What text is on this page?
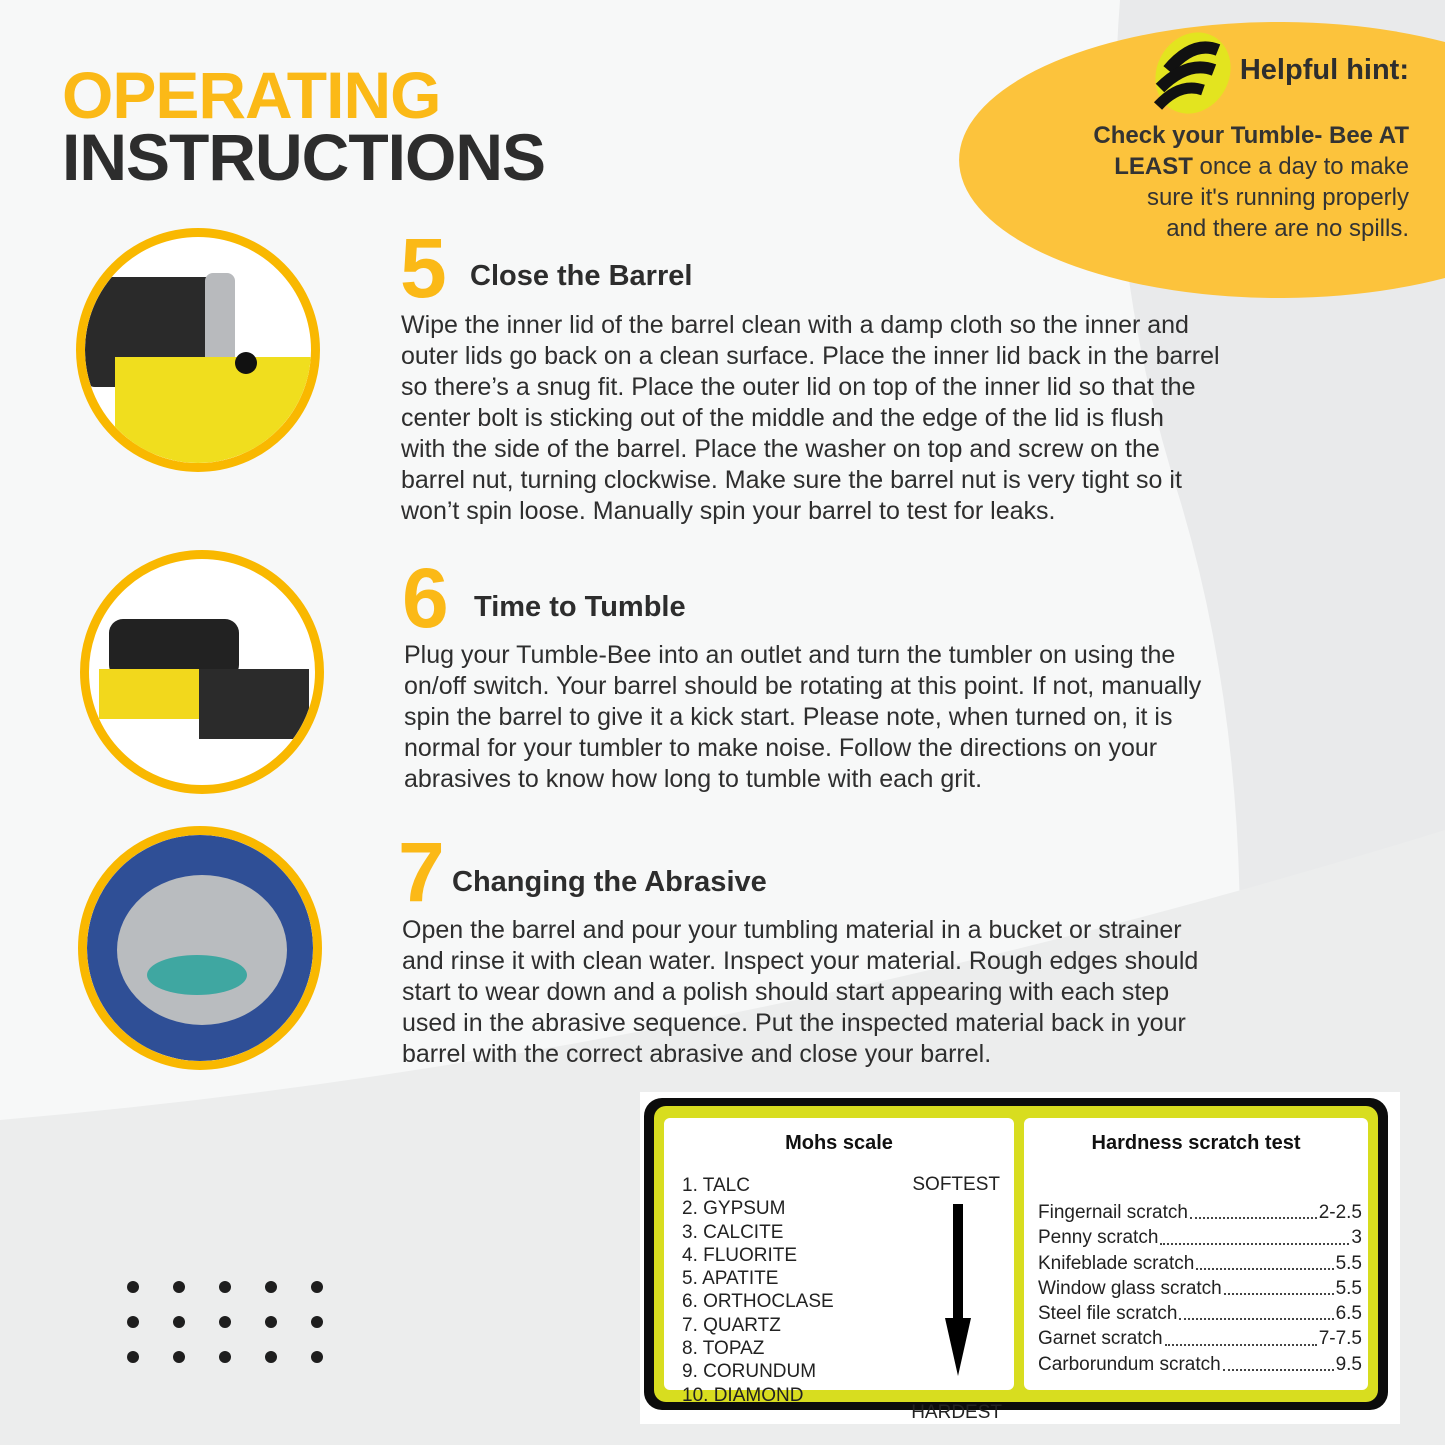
OPERATING
INSTRUCTIONS
Helpful hint:
Check your Tumble- Bee AT
LEAST once a day to make
sure it's running properly
and there are no spills.
5 Close the Barrel
Wipe the inner lid of the barrel clean with a damp cloth so the inner and
outer lids go back on a clean surface. Place the inner lid back in the barrel
so there’s a snug fit. Place the outer lid on top of the inner lid so that the
center bolt is sticking out of the middle and the edge of the lid is flush
with the side of the barrel. Place the washer on top and screw on the
barrel nut, turning clockwise. Make sure the barrel nut is very tight so it
won’t spin loose. Manually spin your barrel to test for leaks.
6 Time to Tumble
Plug your Tumble-Bee into an outlet and turn the tumbler on using the
on/off switch. Your barrel should be rotating at this point. If not, manually
spin the barrel to give it a kick start. Please note, when turned on, it is
normal for your tumbler to make noise. Follow the directions on your
abrasives to know how long to tumble with each grit.
7 Changing the Abrasive
Open the barrel and pour your tumbling material in a bucket or strainer
and rinse it with clean water. Inspect your material. Rough edges should
start to wear down and a polish should start appearing with each step
used in the abrasive sequence. Put the inspected material back in your
barrel with the correct abrasive and close your barrel.
Mohs scale
1. TALC
2. GYPSUM
3. CALCITE
4. FLUORITE
5. APATITE
6. ORTHOCLASE
7. QUARTZ
8. TOPAZ
9. CORUNDUM
10. DIAMOND
SOFTEST
HARDEST
Hardness scratch test
Fingernail scratch	2-2.5
Penny scratch	3
Knifeblade scratch	5.5
Window glass scratch	5.5
Steel file scratch	6.5
Garnet scratch	7-7.5
Carborundum scratch	9.5
